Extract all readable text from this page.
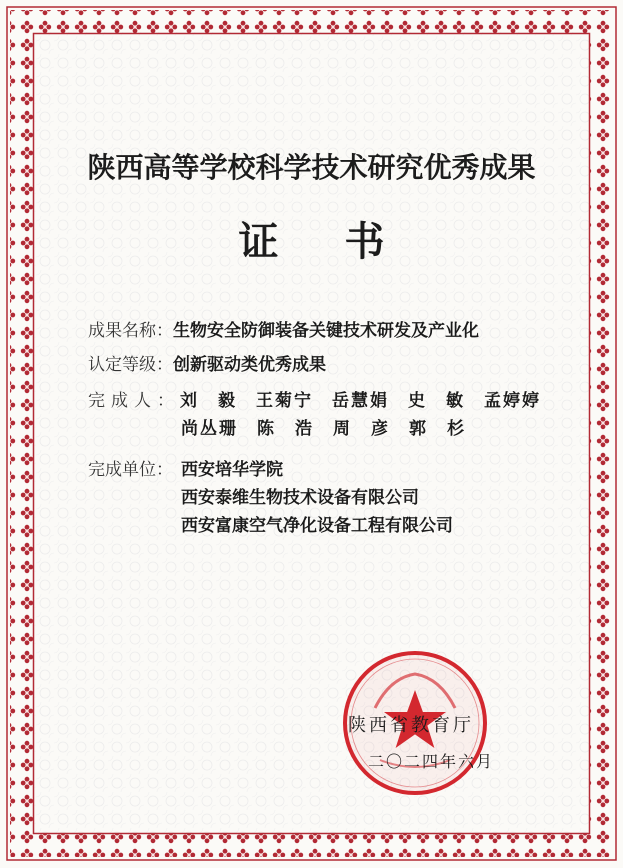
陕西高等学校科学技术研究优秀成果
证书
成果名称：生物安全防御装备关键技术研发及产业化
认定等级：创新驱动类优秀成果
完成人：刘　毅　王菊宁　岳慧娟　史　敏　孟婷婷
尚丛珊　陈　浩　周　彦　郭　杉
完成单位： 西安培华学院
西安泰维生物技术设备有限公司
西安富康空气净化设备工程有限公司
陕西省教育厅
二〇二四年六月
